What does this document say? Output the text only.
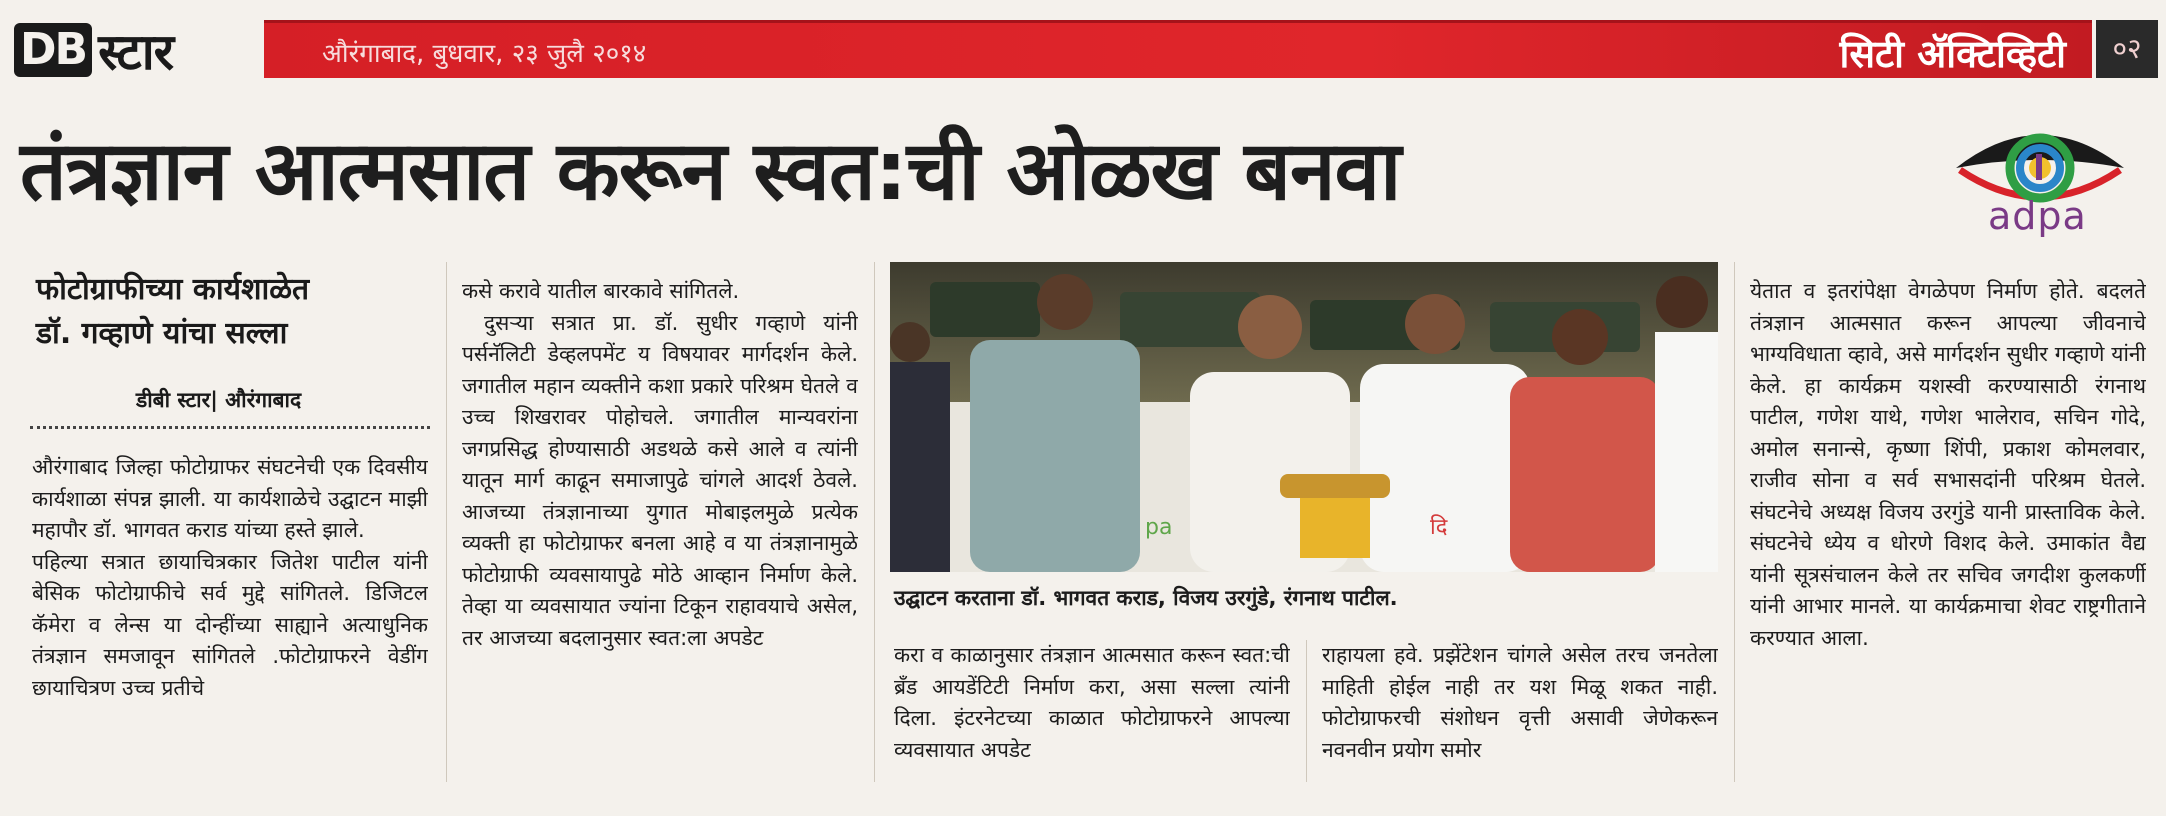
DB स्टार	औरंगाबाद, बुधवार, २३ जुलै २०१४	सिटी ॲक्टिव्हिटी	०२
तंत्रज्ञान आत्मसात करून स्वत:ची ओळख बनवा	adpa
फोटोग्राफीच्या कार्यशाळेत
डॉ. गव्हाणे यांचा सल्ला
डीबी स्टार| औरंगाबाद

औरंगाबाद जिल्हा फोटोग्राफर संघटनेची एक दिवसीय कार्यशाळा संपन्न झाली. या कार्यशाळेचे उद्घाटन माझी महापौर डॉ. भागवत कराड यांच्या हस्ते झाले.

पहिल्या सत्रात छायाचित्रकार जितेश पाटील यांनी बेसिक फोटोग्राफीचे सर्व मुद्दे सांगितले. डिजिटल कॅमेरा व लेन्स या दोन्हींच्या साह्याने अत्याधुनिक तंत्रज्ञान समजावून सांगितले .फोटोग्राफरने वेडींग छायाचित्रण उच्च प्रतीचे

कसे करावे यातील बारकावे सांगितले.

दुसऱ्या सत्रात प्रा. डॉ. सुधीर गव्हाणे यांनी पर्सनॅलिटी डेव्हलपमेंट य विषयावर मार्गदर्शन केले. जगातील महान व्यक्तीने कशा प्रकारे परिश्रम घेतले व उच्च शिखरावर पोहोचले. जगातील मान्यवरांना जगप्रसिद्ध होण्यासाठी अडथळे कसे आले व त्यांनी यातून मार्ग काढून समाजापुढे चांगले आदर्श ठेवले. आजच्या तंत्रज्ञानाच्या युगात मोबाइलमुळे प्रत्येक व्यक्ती हा फोटोग्राफर बनला आहे व या तंत्रज्ञानामुळे फोटोग्राफी व्यवसायापुढे मोठे आव्हान निर्माण केले. तेव्हा या व्यवसायात ज्यांना टिकून राहावयाचे असेल, तर आजच्या बदलानुसार स्वत:ला अपडेट

pa	दि
उद्घाटन करताना डॉ. भागवत कराड, विजय उरगुंडे, रंगनाथ पाटील.

करा व काळानुसार तंत्रज्ञान आत्मसात करून स्वत:ची ब्रँड आयडेंटिटी निर्माण करा, असा सल्ला त्यांनी दिला. इंटरनेटच्या काळात फोटोग्राफरने आपल्या व्यवसायात अपडेट

राहायला हवे. प्रझेंटेशन चांगले असेल तरच जनतेला माहिती होईल नाही तर यश मिळू शकत नाही. फोटोग्राफरची संशोधन वृत्ती असावी जेणेकरून नवनवीन प्रयोग समोर

येतात व इतरांपेक्षा वेगळेपण निर्माण होते. बदलते तंत्रज्ञान आत्मसात करून आपल्या जीवनाचे भाग्यविधाता व्हावे, असे मार्गदर्शन सुधीर गव्हाणे यांनी केले. हा कार्यक्रम यशस्वी करण्यासाठी रंगनाथ पाटील, गणेश याथे, गणेश भालेराव, सचिन गोदे, अमोल सनान्से, कृष्णा शिंपी, प्रकाश कोमलवार, राजीव सोना व सर्व सभासदांनी परिश्रम घेतले. संघटनेचे अध्यक्ष विजय उरगुंडे यानी प्रास्ताविक केले. संघटनेचे ध्येय व धोरणे विशद केले. उमाकांत वैद्य यांनी सूत्रसंचालन केले तर सचिव जगदीश कुलकर्णी यांनी आभार मानले. या कार्यक्रमाचा शेवट राष्ट्रगीताने करण्यात आला.
